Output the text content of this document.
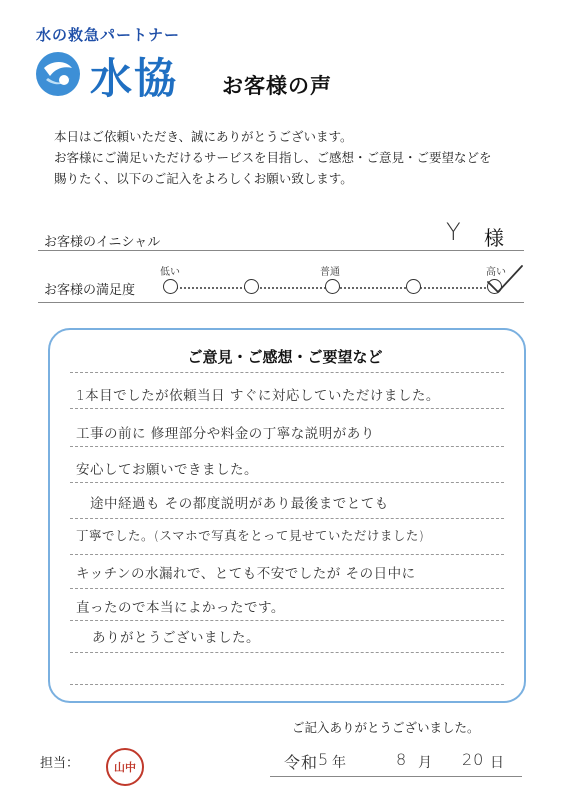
水の救急パートナー
水協 お客様の声
本日はご依頼いただき、誠にありがとうございます。
お客様にご満足いただけるサービスを目指し、ご感想・ご意見・ご要望などを
賜りたく、以下のご記入をよろしくお願い致します。
お客様のイニシャル	Y 様
低い	普通	高い
お客様の満足度
ご意見・ご感想・ご要望など
1本目でしたが依頼当日 すぐに対応していただけました。
工事の前に 修理部分や料金の丁寧な説明があり
安心してお願いできました。
途中経過も その都度説明があり最後までとても
丁寧でした。(スマホで写真をとって見せていただけました)
キッチンの水漏れで、とても不安でしたが その日中に
直ったので本当によかったです。
ありがとうございました。
ご記入ありがとうございました。
担当：	山中	令和 5 年	8 月 20 日
